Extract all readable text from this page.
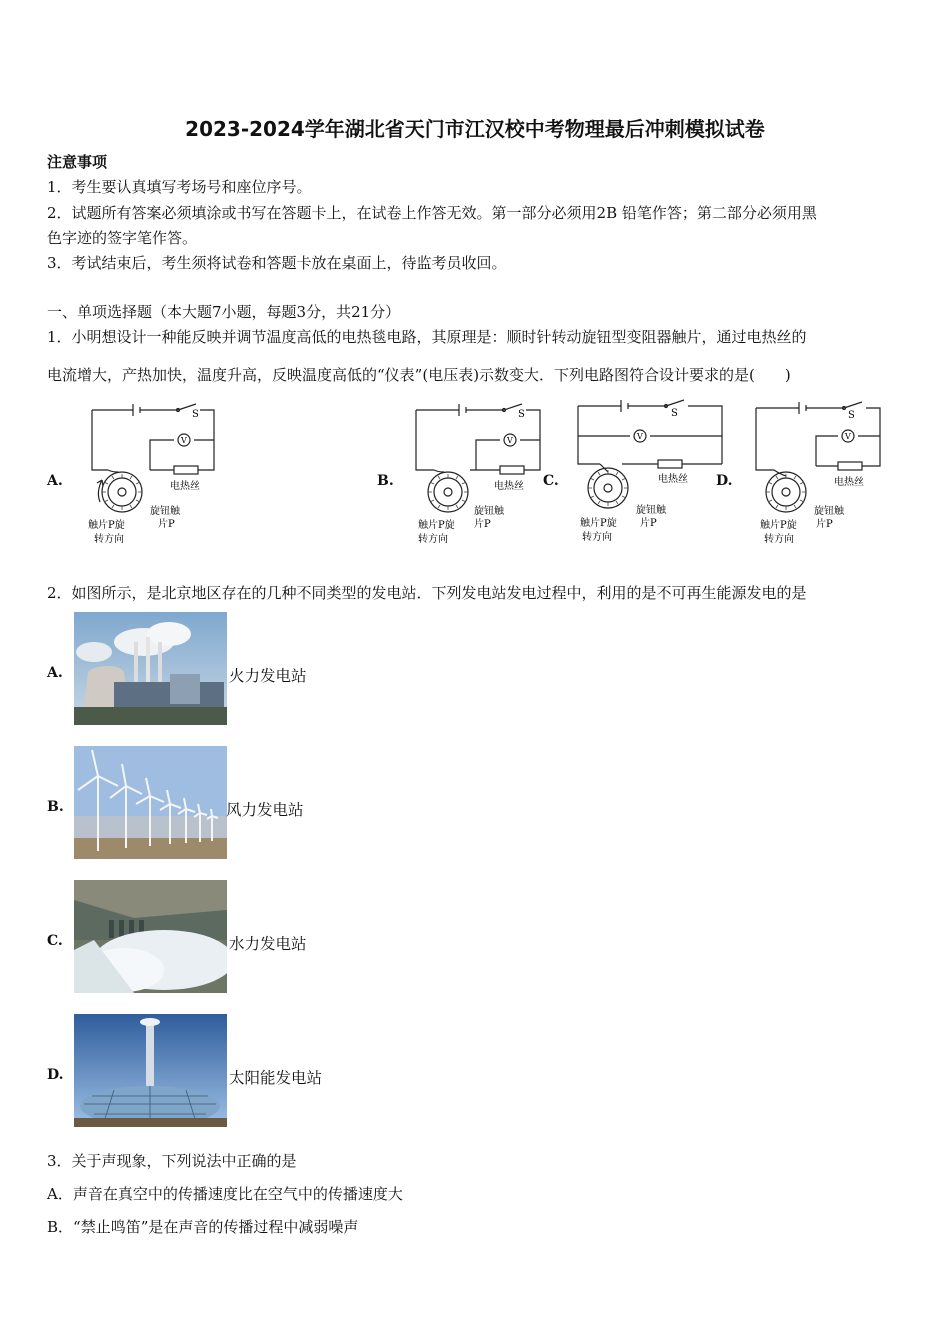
2023-2024学年湖北省天门市江汉校中考物理最后冲刺模拟试卷
注意事项
1．考生要认真填写考场号和座位序号。
2．试题所有答案必须填涂或书写在答题卡上，在试卷上作答无效。第一部分必须用2B 铅笔作答；第二部分必须用黑
色字迹的签字笔作答。
3．考试结束后，考生须将试卷和答题卡放在桌面上，待监考员收回。
一、单项选择题（本大题7小题，每题3分，共21分）
1．小明想设计一种能反映并调节温度高低的电热毯电路，其原理是：顺时针转动旋钮型变阻器触片，通过电热丝的
电流增大，产热加快，温度升高，反映温度高低的“仪表”(电压表)示数变大．下列电路图符合设计要求的是(　　)
A.	B.	C.	D.
S
V
电热丝
旋钮触
片P
触片P旋
转方向
S
V
电热丝
旋钮触
片P
触片P旋
转方向
S
V
电热丝
旋钮触
片P
触片P旋
转方向
S
V
电热丝
旋钮触
片P
触片P旋
转方向
2．如图所示，是北京地区存在的几种不同类型的发电站．下列发电站发电过程中，利用的是不可再生能源发电的是
A.	火力发电站
B.	风力发电站
C.	水力发电站
D.	太阳能发电站
3．关于声现象，下列说法中正确的是
A．声音在真空中的传播速度比在空气中的传播速度大
B．“禁止鸣笛”是在声音的传播过程中减弱噪声
